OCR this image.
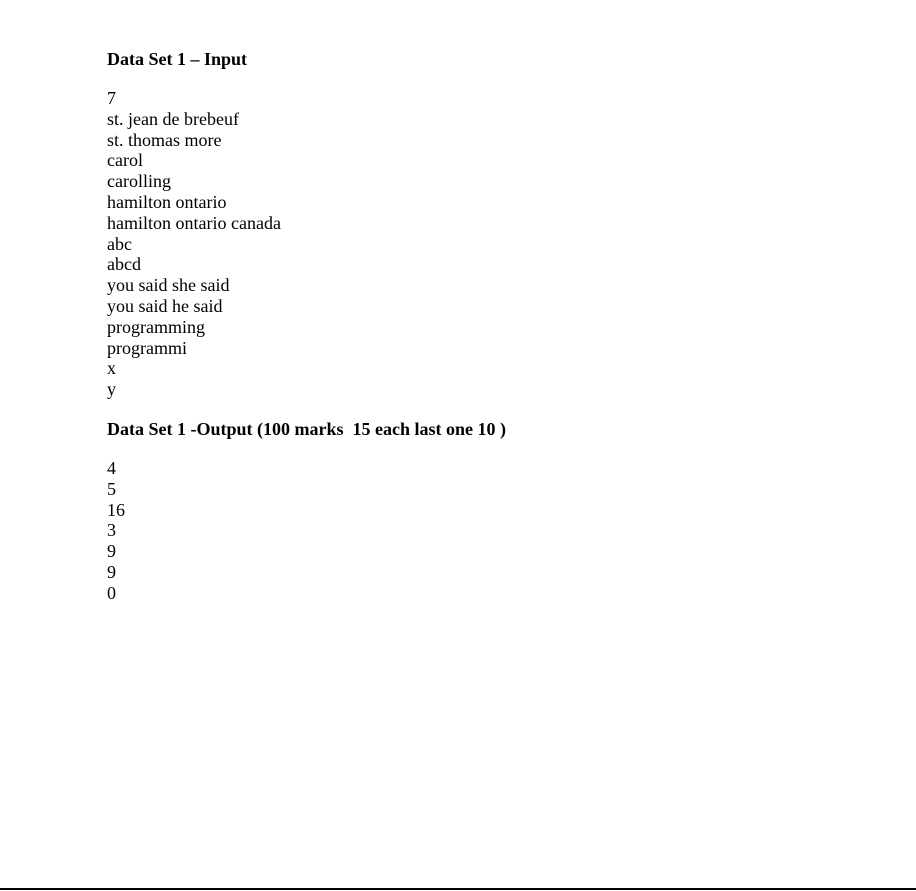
Data Set 1 – Input

7
st. jean de brebeuf
st. thomas more
carol
carolling
hamilton ontario
hamilton ontario canada
abc
abcd
you said she said
you said he said
programming
programmi
x
y

Data Set 1 -Output (100 marks  15 each last one 10 )

4
5
16
3
9
9
0
